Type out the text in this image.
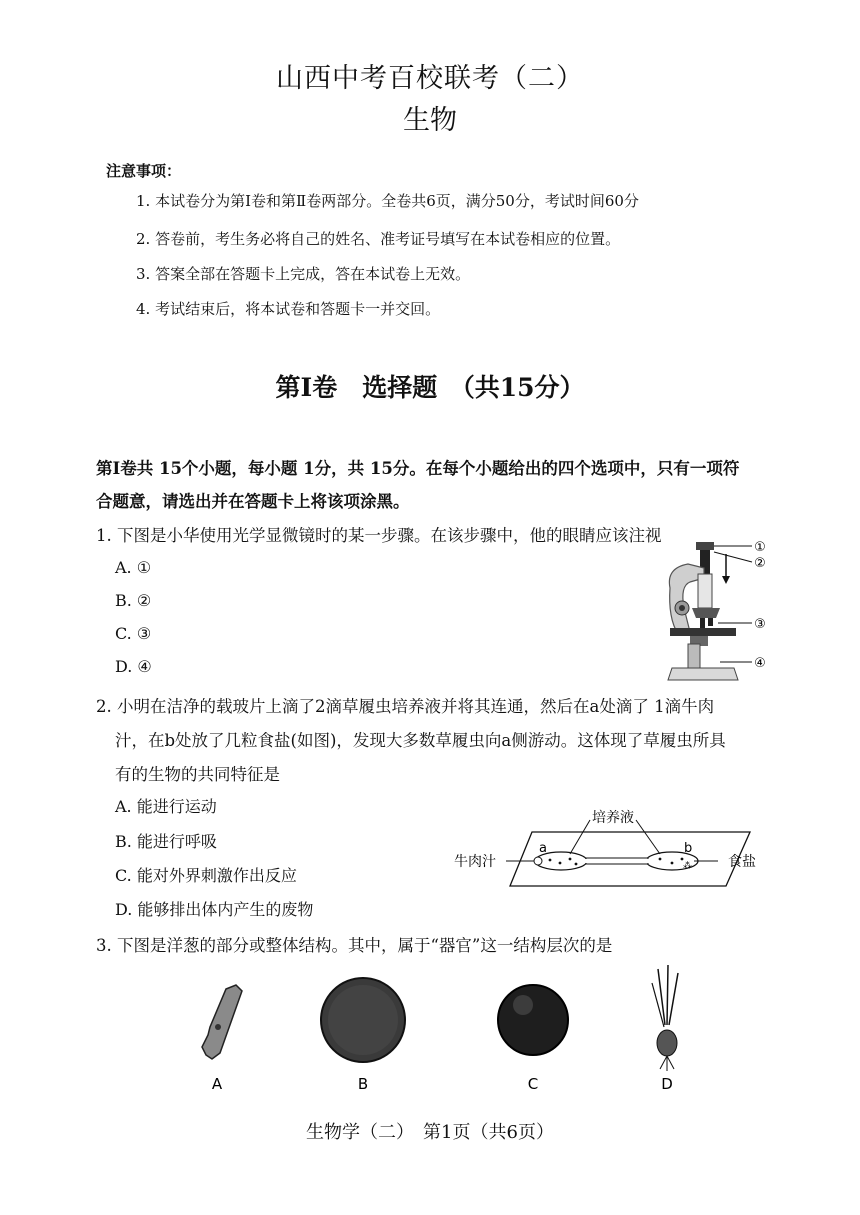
山西中考百校联考（二）
生物
注意事项：
1. 本试卷分为第Ⅰ卷和第Ⅱ卷两部分。全卷共6页，满分50分，考试时间60分
2. 答卷前，考生务必将自己的姓名、准考证号填写在本试卷相应的位置。
3. 答案全部在答题卡上完成，答在本试卷上无效。
4. 考试结束后，将本试卷和答题卡一并交回。
第Ⅰ卷　选择题　（共15分）
第Ⅰ卷共 15个小题，每小题 1分，共 15分。在每个小题给出的四个选项中，只有一项符
合题意，请选出并在答题卡上将该项涂黑。
1. 下图是小华使用光学显微镜时的某一步骤。在该步骤中，他的眼睛应该注视
A. ①
B. ②
C. ③
D. ④
①
②
③
④
2. 小明在洁净的载玻片上滴了2滴草履虫培养液并将其连通，然后在a处滴了 1滴牛肉
汁，在b处放了几粒食盐(如图)，发现大多数草履虫向a侧游动。这体现了草履虫所具
有的生物的共同特征是
A. 能进行运动
B. 能进行呼吸
C. 能对外界刺激作出反应
D. 能够排出体内产生的废物
⁂
培养液
牛肉汁	食盐
a	b
3. 下图是洋葱的部分或整体结构。其中，属于“器官”这一结构层次的是
A	B	C	D
生物学（二）　第1页（共6页）
